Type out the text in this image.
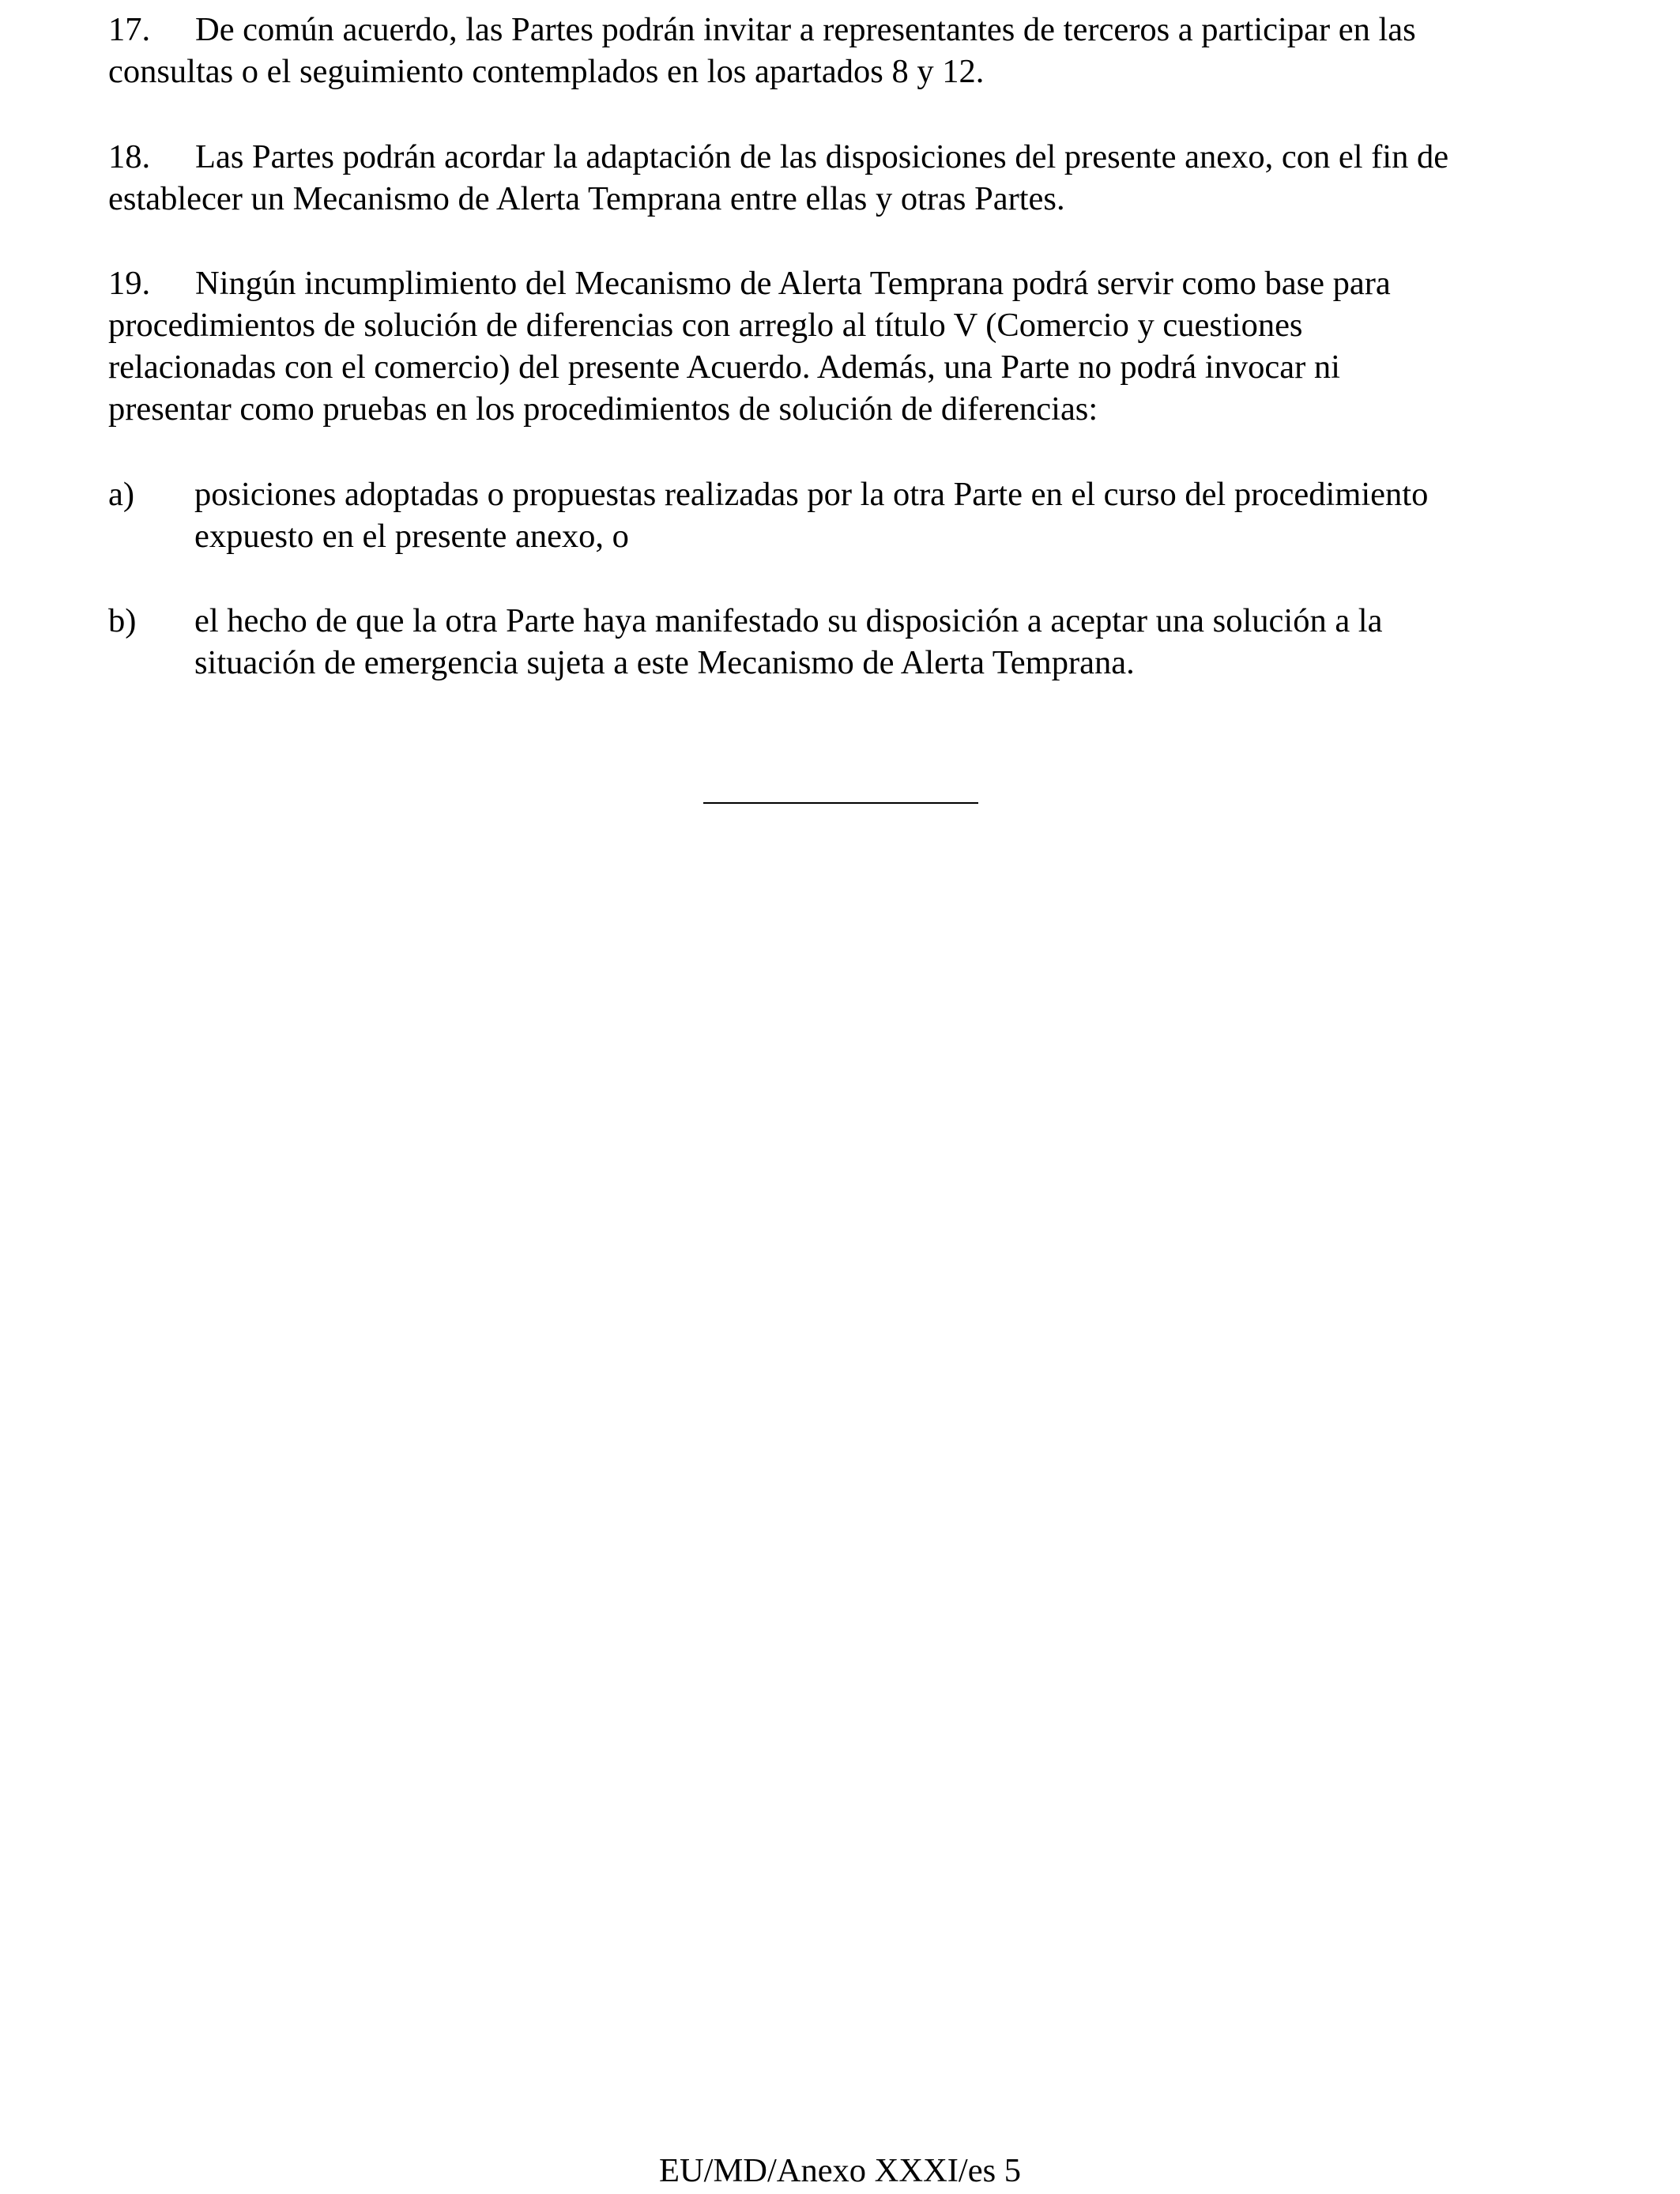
17. De común acuerdo, las Partes podrán invitar a representantes de terceros a participar en las
consultas o el seguimiento contemplados en los apartados 8 y 12.
18. Las Partes podrán acordar la adaptación de las disposiciones del presente anexo, con el fin de
establecer un Mecanismo de Alerta Temprana entre ellas y otras Partes.
19. Ningún incumplimiento del Mecanismo de Alerta Temprana podrá servir como base para
procedimientos de solución de diferencias con arreglo al título V (Comercio y cuestiones
relacionadas con el comercio) del presente Acuerdo. Además, una Parte no podrá invocar ni
presentar como pruebas en los procedimientos de solución de diferencias:
a) posiciones adoptadas o propuestas realizadas por la otra Parte en el curso del procedimiento
expuesto en el presente anexo, o
b) el hecho de que la otra Parte haya manifestado su disposición a aceptar una solución a la
situación de emergencia sujeta a este Mecanismo de Alerta Temprana.
EU/MD/Anexo XXXI/es 5
